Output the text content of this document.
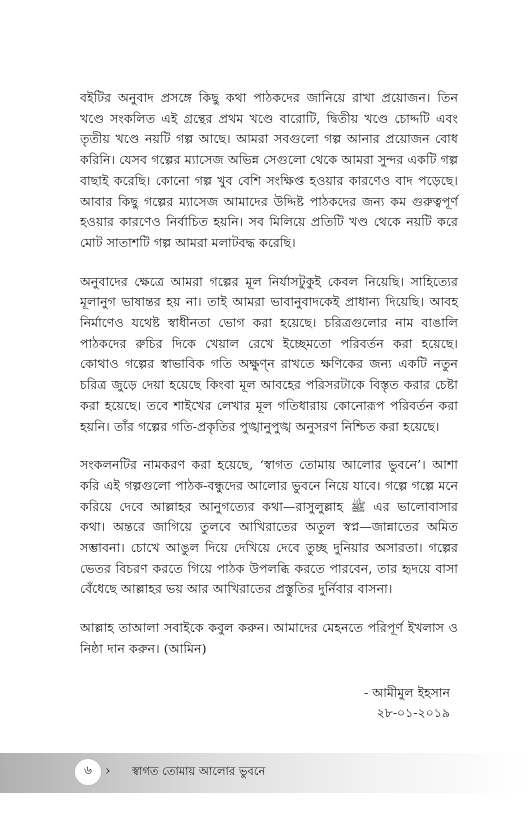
বইটির অনুবাদ প্রসঙ্গে কিছু কথা পাঠকদের জানিয়ে রাখা প্রয়োজন। তিন খণ্ডে সংকলিত এই গ্রন্থের প্রথম খণ্ডে বারোটি, দ্বিতীয় খণ্ডে চোদ্দটি এবং তৃতীয় খণ্ডে নয়টি গল্প আছে। আমরা সবগুলো গল্প আনার প্রয়োজন বোধ করিনি। যেসব গল্পের ম্যাসেজ অভিন্ন সেগুলো থেকে আমরা সুন্দর একটি গল্প বাছাই করেছি। কোনো গল্প খুব বেশি সংক্ষিপ্ত হওয়ার কারণেও বাদ পড়েছে। আবার কিছু গল্পের ম্যাসেজ আমাদের উদ্দিষ্ট পাঠকদের জন্য কম গুরুত্বপূর্ণ হওয়ার কারণেও নির্বাচিত হয়নি। সব মিলিয়ে প্রতিটি খণ্ড থেকে নয়টি করে মোট সাতাশটি গল্প আমরা মলাটবদ্ধ করেছি।

অনুবাদের ক্ষেত্রে আমরা গল্পের মূল নির্যাসটুকুই কেবল নিয়েছি। সাহিত্যের মূলানুগ ভাষান্তর হয় না। তাই আমরা ভাবানুবাদকেই প্রাধান্য দিয়েছি। আবহ নির্মাণেও যথেষ্ট স্বাধীনতা ভোগ করা হয়েছে। চরিত্রগুলোর নাম বাঙালি পাঠকদের রুচির দিকে খেয়াল রেখে ইচ্ছেমতো পরিবর্তন করা হয়েছে। কোথাও গল্পের স্বাভাবিক গতি অক্ষুণ্ন রাখতে ক্ষণিকের জন্য একটি নতুন চরিত্র জুড়ে দেয়া হয়েছে কিংবা মূল আবহের পরিসরটাকে বিস্তৃত করার চেষ্টা করা হয়েছে। তবে শাইখের লেখার মূল গতিধারায় কোনোরূপ পরিবর্তন করা হয়নি। তাঁর গল্পের গতি-প্রকৃতির পুঙ্খানুপুঙ্খ অনুসরণ নিশ্চিত করা হয়েছে।

সংকলনটির নামকরণ করা হয়েছে, ‘স্বাগত তোমায় আলোর ভুবনে’। আশা করি এই গল্পগুলো পাঠক-বন্ধুদের আলোর ভুবনে নিয়ে যাবে। গল্পে গল্পে মনে করিয়ে দেবে আল্লাহর আনুগত্যের কথা—রাসুলুল্লাহ ﷺ এর ভালোবাসার কথা। অন্তরে জাগিয়ে তুলবে আখিরাতের অতুল স্বপ্ন—জান্নাতের অমিত সম্ভাবনা। চোখে আঙুল দিয়ে দেখিয়ে দেবে তুচ্ছ দুনিয়ার অসারতা। গল্পের ভেতর বিচরণ করতে গিয়ে পাঠক উপলব্ধি করতে পারবেন, তার হৃদয়ে বাসা বেঁধেছে আল্লাহর ভয় আর আখিরাতের প্রস্তুতির দুর্নিবার বাসনা।

আল্লাহ তাআলা সবাইকে কবুল করুন। আমাদের মেহনতে পরিপূর্ণ ইখলাস ও নিষ্ঠা দান করুন। (আমিন)

- আমীমুল ইহসান
২৮-০১-২০১৯
৬ › স্বাগত তোমায় আলোর ভুবনে
